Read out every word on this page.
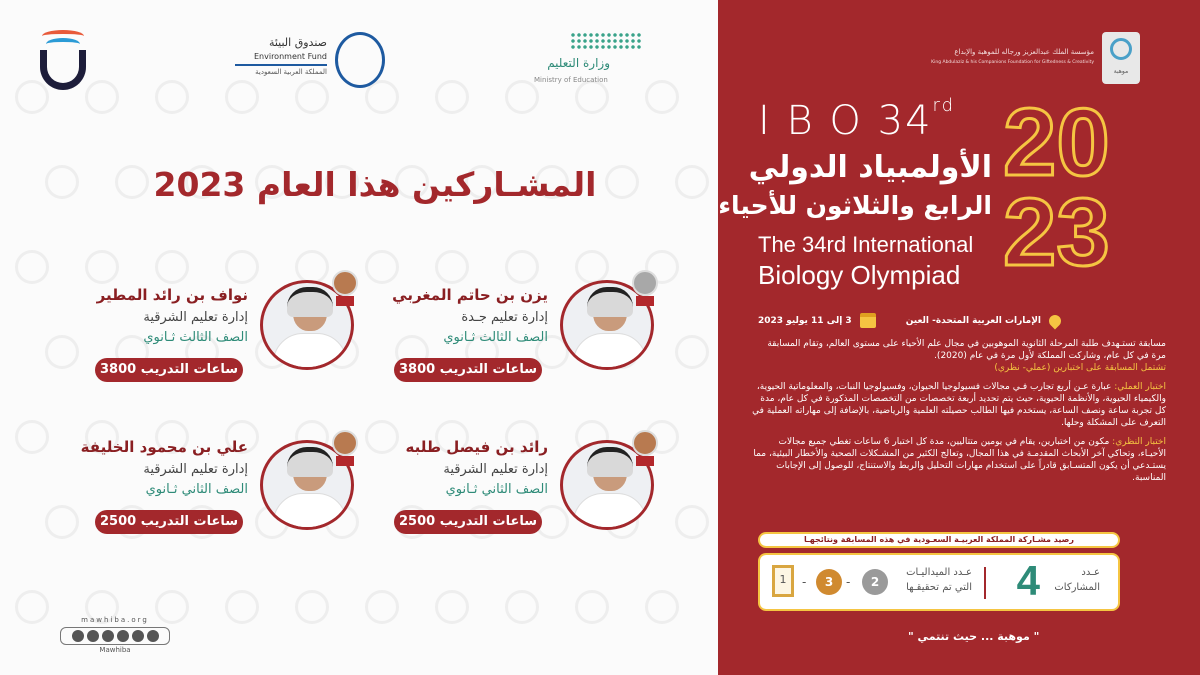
صندوق البيئة
Environment Fund
المملكة العربية السعودية
وزارة التعليم
Ministry of Education
المشـاركين هذا العام 2023
يزن بن حاتم المغربي
إدارة تعليم جـدة
الصف الثالث ثـانوي
ساعات التدريب 3800
نواف بن رائد المطير
إدارة تعليم الشرقية
الصف الثالث ثـانوي
ساعات التدريب 3800
رائد بن فيصل طلبه
إدارة تعليم الشرقية
الصف الثاني ثـانوي
ساعات التدريب 2500
علي بن محمود الخليفة
إدارة تعليم الشرقية
الصف الثاني ثـانوي
ساعات التدريب 2500
mawhiba.org
Mawhiba
موهبة
مؤسسة الملك عبدالعزيز ورجاله للموهبة والإبداع
King Abdulaziz & his Companions Foundation for Giftedness & Creativity
I B O 34rd
الأولمبياد الدولي
الرابع والثلاثون للأحياء
The 34rd International
Biology Olympiad
20
23
3 إلى 11 يوليو 2023	الإمارات العربية المتحدة- العين
مسابقة تستـهدف طلبة المرحلة الثانوية الموهوبين في مجال علم الأحياء على مستوى العالم، وتقام المسابقة مرة في كل عام، وشاركت المملكة لأول مرة في عام (2020).
تشتمل المسابقة على اختبارين (عملي- نظري)
اختبار العملي: عبارة عـن أربع تجارب فـي مجالات فسيولوجيا الحيوان، وفسيولوجيا النبات، والمعلوماتية الحيوية، والكيمياء الحيوية، والأنظمة الحيوية، حيث يتم تحديد أربعة تخصصات من التخصصات المذكورة في كل عام، مدة كل تجربة ساعة ونصف الساعة، يستخدم فيها الطالب حصيلته العلمية والرياضية، بالإضافة إلى مهاراته العملية في التعرف على المشكلة وحلها.
اختبار النظري: مكون من اختبارين، يقام في يومين متتاليين، مدة كل اختبار 6 ساعات تغطي جميع مجالات الأحيـاء، وتحاكي آخر الأبحاث المقدمـة في هذا المجال، وتعالج الكثير من المشـكلات الصحية والأخطار البيئية، مما يستـدعي أن يكون المتسـابق قادراً على استخدام مهارات التحليل والربط والاستنتاج، للوصول إلى الإجابات المناسبة.
رصيد مشـاركة المملكة العربيـة السعـودية في هذه المسابقة ونتائجهـا
عـدد
المشاركات
4
عـدد الميداليـات
التي تم تحقيقـها
2
-
3
-
1
" موهبة ... حيث تنتمي "
